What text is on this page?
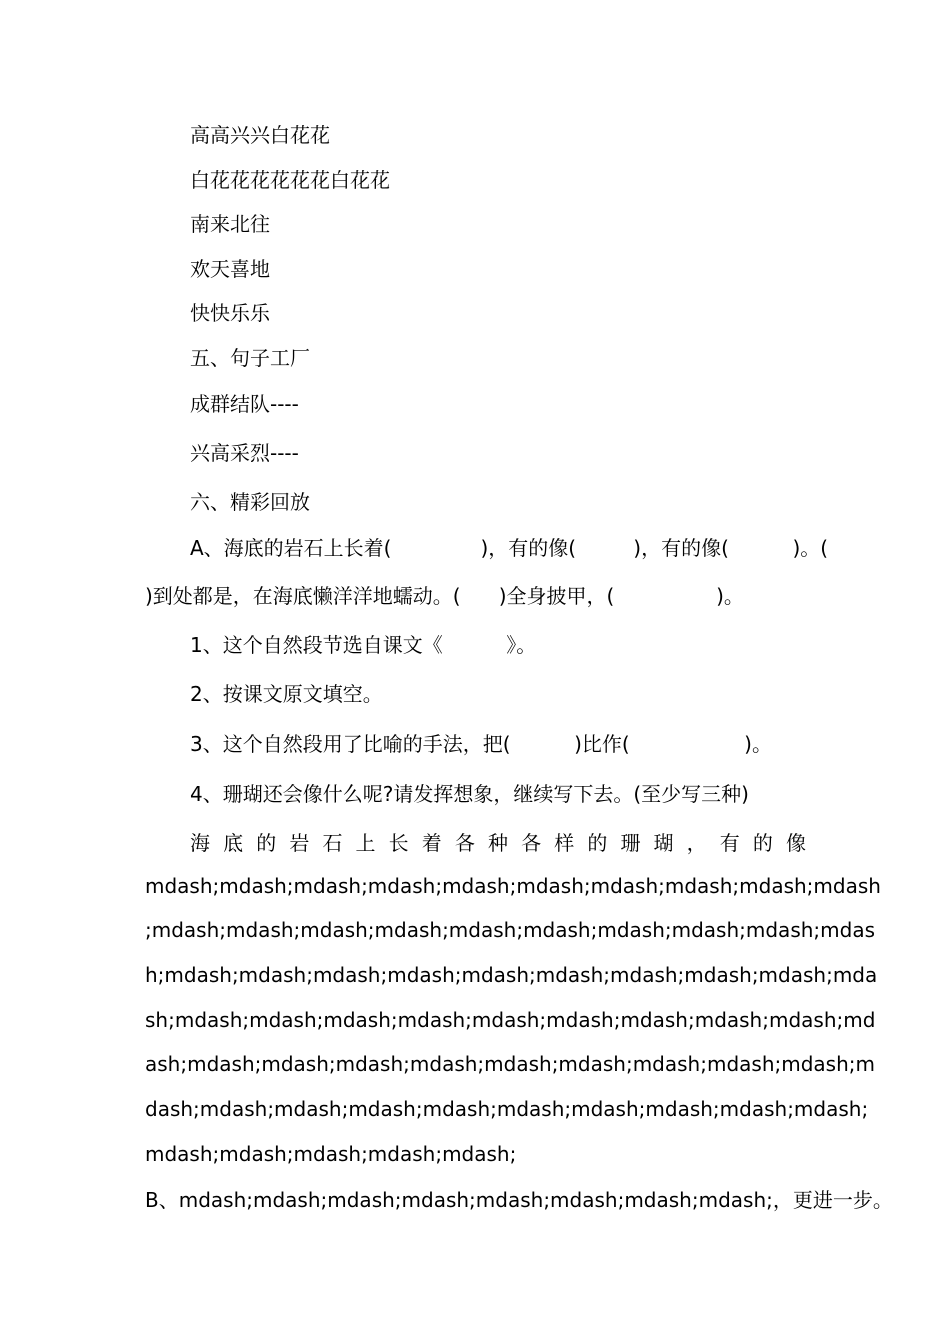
高高兴兴白花花
白花花花花花花白花花
南来北往
欢天喜地
快快乐乐
五、句子工厂
成群结队----
兴高采烈----
六、精彩回放
A、海底的岩石上长着(              )，有的像(         )，有的像(          )。(
)到处都是，在海底懒洋洋地蠕动。(      )全身披甲，(                )。
1、这个自然段节选自课文《          》。
2、按课文原文填空。
3、这个自然段用了比喻的手法，把(          )比作(                  )。
4、珊瑚还会像什么呢?请发挥想象，继续写下去。(至少写三种)
海 底 的 岩 石 上 长 着 各 种 各 样 的 珊 瑚 ， 有 的 像
mdash;mdash;mdash;mdash;mdash;mdash;mdash;mdash;mdash;mdash
;mdash;mdash;mdash;mdash;mdash;mdash;mdash;mdash;mdash;mdas
h;mdash;mdash;mdash;mdash;mdash;mdash;mdash;mdash;mdash;mda
sh;mdash;mdash;mdash;mdash;mdash;mdash;mdash;mdash;mdash;md
ash;mdash;mdash;mdash;mdash;mdash;mdash;mdash;mdash;mdash;m
dash;mdash;mdash;mdash;mdash;mdash;mdash;mdash;mdash;mdash;
mdash;mdash;mdash;mdash;mdash;
B、mdash;mdash;mdash;mdash;mdash;mdash;mdash;mdash;，更进一步。
